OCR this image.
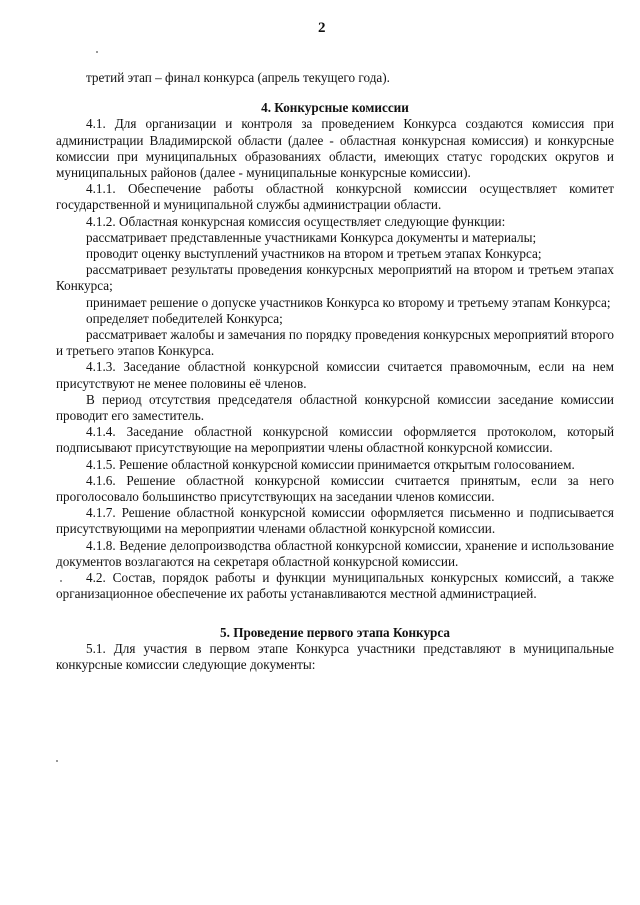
2

третий этап – финал конкурса (апрель текущего года).

4. Конкурсные комиссии

4.1. Для организации и контроля за проведением Конкурса создаются комиссия при администрации Владимирской области (далее - областная конкурсная комиссия) и конкурсные комиссии при муниципальных образованиях области, имеющих статус городских округов и муниципальных районов (далее - муниципальные конкурсные комиссии).

4.1.1. Обеспечение работы областной конкурсной комиссии осуществляет комитет государственной и муниципальной службы администрации области.

4.1.2. Областная конкурсная комиссия осуществляет следующие функции:

рассматривает представленные участниками Конкурса документы и материалы;

проводит оценку выступлений участников на втором и третьем этапах Конкурса;

рассматривает результаты проведения конкурсных мероприятий на втором и третьем этапах Конкурса;

принимает решение о допуске участников Конкурса ко второму и третьему этапам Конкурса;

определяет победителей Конкурса;

рассматривает жалобы и замечания по порядку проведения конкурсных мероприятий второго и третьего этапов Конкурса.

4.1.3. Заседание областной конкурсной комиссии считается правомочным, если на нем присутствуют не менее половины её членов.

В период отсутствия председателя областной конкурсной комиссии заседание комиссии проводит его заместитель.

4.1.4. Заседание областной конкурсной комиссии оформляется протоколом, который подписывают присутствующие на мероприятии члены областной конкурсной комиссии.

4.1.5. Решение областной конкурсной комиссии принимается открытым голосованием.

4.1.6. Решение областной конкурсной комиссии считается принятым, если за него проголосовало большинство присутствующих на заседании членов комиссии.

4.1.7. Решение областной конкурсной комиссии оформляется письменно и подписывается присутствующими на мероприятии членами областной конкурсной комиссии.

4.1.8. Ведение делопроизводства областной конкурсной комиссии, хранение и использование документов возлагаются на секретаря областной конкурсной комиссии.

4.2. Состав, порядок работы и функции муниципальных конкурсных комиссий, а также организационное обеспечение их работы устанавливаются местной администрацией.

5. Проведение первого этапа Конкурса

5.1. Для участия в первом этапе Конкурса участники представляют в муниципальные конкурсные комиссии следующие документы:
